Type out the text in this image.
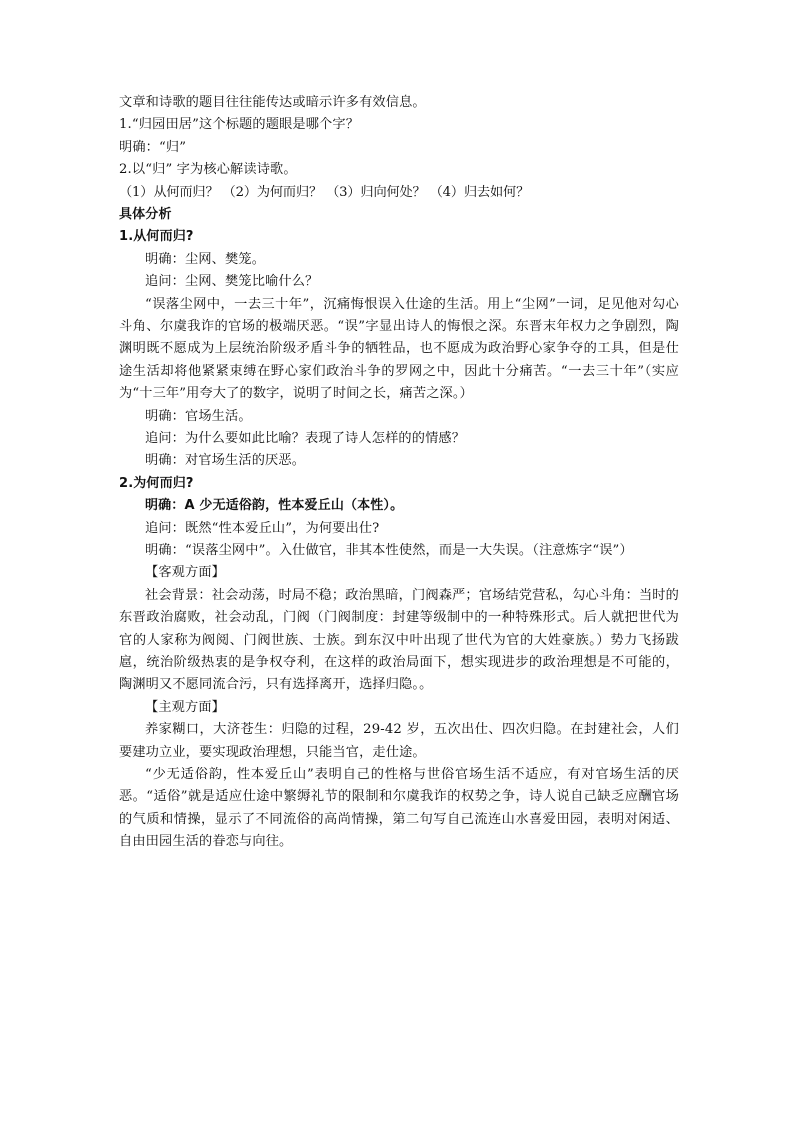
文章和诗歌的题目往往能传达或暗示许多有效信息。
1.“归园田居”这个标题的题眼是哪个字？
明确：“归”
2.以“归” 字为核心解读诗歌。
（1）从何而归？ （2）为何而归？ （3）归向何处？ （4）归去如何？
具体分析
1.从何而归?
明确：尘网、樊笼。
追问：尘网、樊笼比喻什么？
“误落尘网中，一去三十年”，沉痛悔恨误入仕途的生活。用上“尘网”一词，足见他对勾心斗角、尔虞我诈的官场的极端厌恶。“误”字显出诗人的悔恨之深。东晋末年权力之争剧烈，陶渊明既不愿成为上层统治阶级矛盾斗争的牺牲品，也不愿成为政治野心家争夺的工具，但是仕途生活却将他紧紧束缚在野心家们政治斗争的罗网之中，因此十分痛苦。“一去三十年”（实应为“十三年”用夸大了的数字，说明了时间之长，痛苦之深。）
明确：官场生活。
追问：为什么要如此比喻？表现了诗人怎样的的情感？
明确：对官场生活的厌恶。
2.为何而归?
明确：A 少无适俗韵，性本爱丘山（本性）。
追问：既然“性本爱丘山”，为何要出仕?
明确：“误落尘网中”。入仕做官，非其本性使然，而是一大失误。（注意炼字“误”）
【客观方面】
社会背景：社会动荡，时局不稳；政治黑暗，门阀森严；官场结党营私，勾心斗角：当时的东晋政治腐败，社会动乱，门阀（门阀制度：封建等级制中的一种特殊形式。后人就把世代为官的人家称为阀阅、门阀世族、士族。到东汉中叶出现了世代为官的大姓豪族。）势力飞扬跋扈，统治阶级热衷的是争权夺利，在这样的政治局面下，想实现进步的政治理想是不可能的，陶渊明又不愿同流合污，只有选择离开，选择归隐。。
【主观方面】
养家糊口，大济苍生：归隐的过程，29-42 岁，五次出仕、四次归隐。在封建社会，人们要建功立业，要实现政治理想，只能当官，走仕途。
“少无适俗韵，性本爱丘山”表明自己的性格与世俗官场生活不适应，有对官场生活的厌恶。“适俗”就是适应仕途中繁缛礼节的限制和尔虞我诈的权势之争，诗人说自己缺乏应酬官场的气质和情操，显示了不同流俗的高尚情操，第二句写自己流连山水喜爱田园，表明对闲适、自由田园生活的眷恋与向往。
